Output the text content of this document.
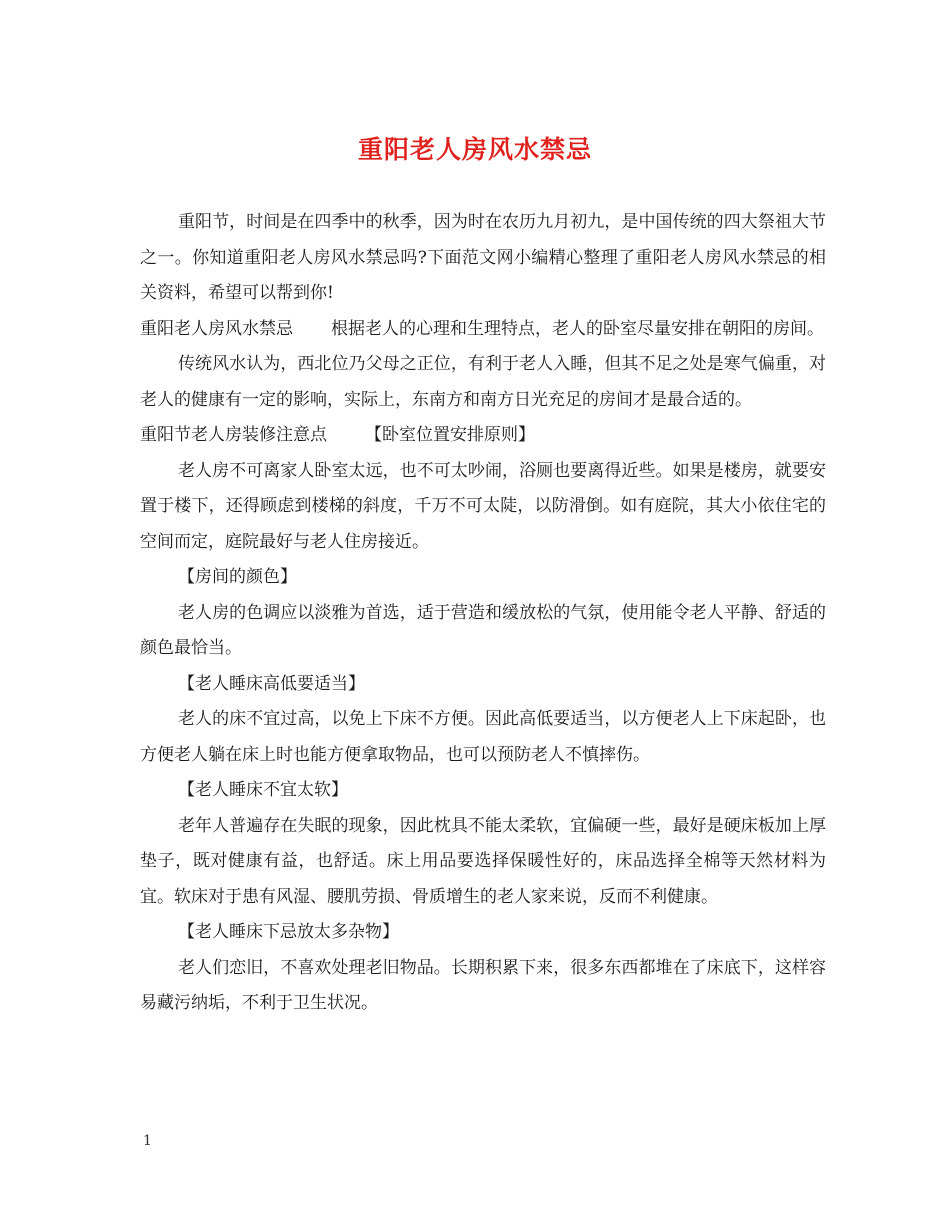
重阳老人房风水禁忌

重阳节，时间是在四季中的秋季，因为时在农历九月初九，是中国传统的四大祭祖大节之一。你知道重阳老人房风水禁忌吗?下面范文网小编精心整理了重阳老人房风水禁忌的相关资料，希望可以帮到你!

重阳老人房风水禁忌 根据老人的心理和生理特点，老人的卧室尽量安排在朝阳的房间。

传统风水认为，西北位乃父母之正位，有利于老人入睡，但其不足之处是寒气偏重，对老人的健康有一定的影响，实际上，东南方和南方日光充足的房间才是最合适的。

重阳节老人房装修注意点 【卧室位置安排原则】

老人房不可离家人卧室太远，也不可太吵闹，浴厕也要离得近些。如果是楼房，就要安置于楼下，还得顾虑到楼梯的斜度，千万不可太陡，以防滑倒。如有庭院，其大小依住宅的空间而定，庭院最好与老人住房接近。

【房间的颜色】

老人房的色调应以淡雅为首选，适于营造和缓放松的气氛，使用能令老人平静、舒适的颜色最恰当。

【老人睡床高低要适当】

老人的床不宜过高，以免上下床不方便。因此高低要适当，以方便老人上下床起卧，也方便老人躺在床上时也能方便拿取物品，也可以预防老人不慎摔伤。

【老人睡床不宜太软】

老年人普遍存在失眠的现象，因此枕具不能太柔软，宜偏硬一些，最好是硬床板加上厚垫子，既对健康有益，也舒适。床上用品要选择保暖性好的，床品选择全棉等天然材料为宜。软床对于患有风湿、腰肌劳损、骨质增生的老人家来说，反而不利健康。

【老人睡床下忌放太多杂物】

老人们恋旧，不喜欢处理老旧物品。长期积累下来，很多东西都堆在了床底下，这样容易藏污纳垢，不利于卫生状况。

1
